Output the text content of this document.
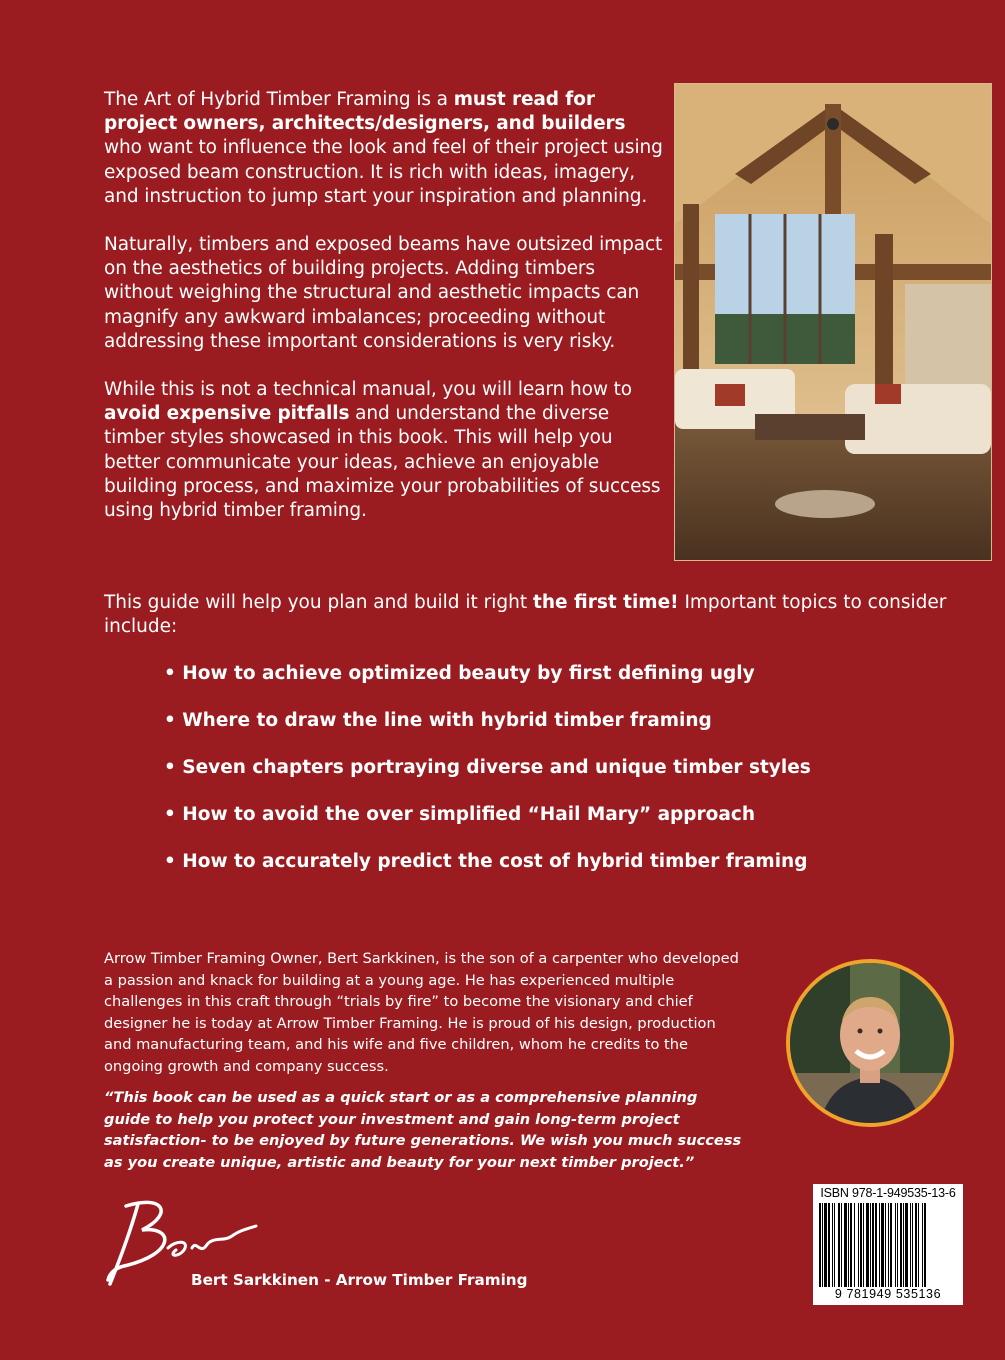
The Art of Hybrid Timber Framing is a must read for project owners, architects/designers, and builders who want to influence the look and feel of their project using exposed beam construction. It is rich with ideas, imagery, and instruction to jump start your inspiration and planning.

Naturally, timbers and exposed beams have outsized impact on the aesthetics of building projects. Adding timbers without weighing the structural and aesthetic impacts can magnify any awkward imbalances; proceeding without addressing these important considerations is very risky.

While this is not a technical manual, you will learn how to avoid expensive pitfalls and understand the diverse timber styles showcased in this book. This will help you better communicate your ideas, achieve an enjoyable building process, and maximize your probabilities of success using hybrid timber framing.

This guide will help you plan and build it right the first time! Important topics to consider include:
• How to achieve optimized beauty by first defining ugly
• Where to draw the line with hybrid timber framing
• Seven chapters portraying diverse and unique timber styles
• How to avoid the over simplified “Hail Mary” approach
• How to accurately predict the cost of hybrid timber framing
Arrow Timber Framing Owner, Bert Sarkkinen, is the son of a carpenter who developed a passion and knack for building at a young age. He has experienced multiple challenges in this craft through “trials by fire” to become the visionary and chief designer he is today at Arrow Timber Framing. He is proud of his design, production and manufacturing team, and his wife and five children, whom he credits to the ongoing growth and company success.
“This book can be used as a quick start or as a comprehensive planning guide to help you protect your investment and gain long-term project satisfaction- to be enjoyed by future generations. We wish you much success as you create unique, artistic and beauty for your next timber project.”
Bert Sarkkinen - Arrow Timber Framing
ISBN 978-1-949535-13-6
9 781949 535136
